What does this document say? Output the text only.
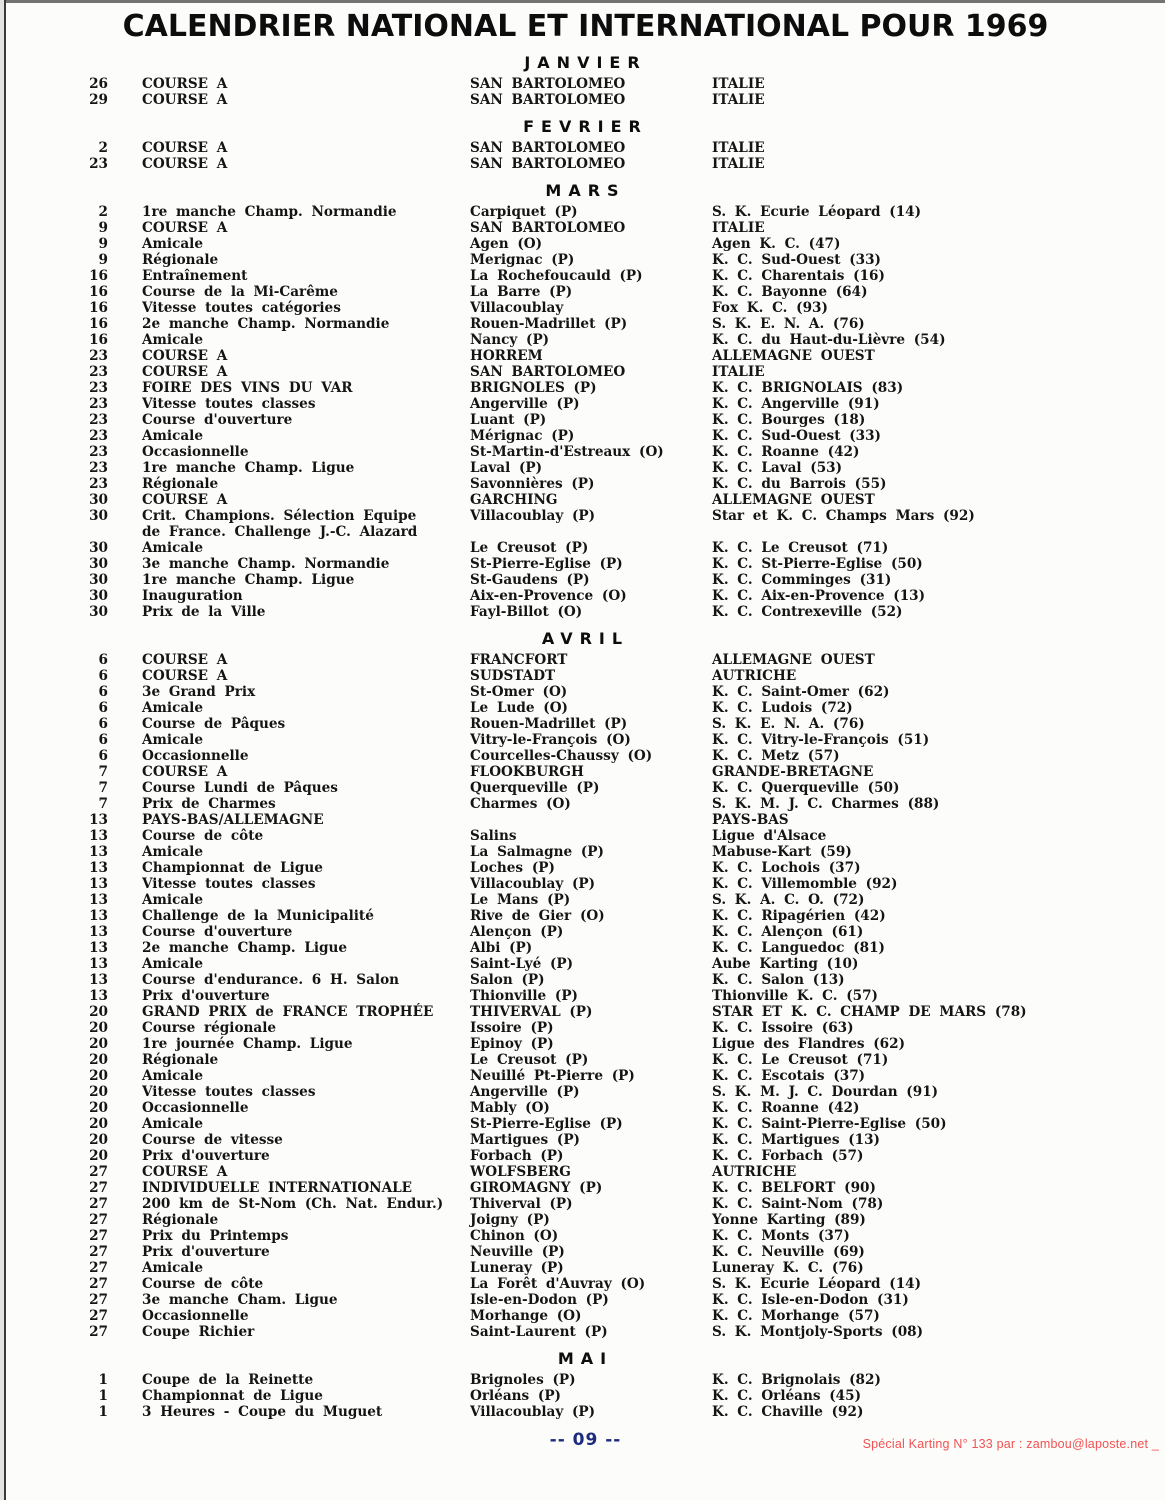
CALENDRIER NATIONAL ET INTERNATIONAL POUR 1969
JANVIER
26	COURSE A	SAN BARTOLOMEO	ITALIE
29	COURSE A	SAN BARTOLOMEO	ITALIE
FEVRIER
2	COURSE A	SAN BARTOLOMEO	ITALIE
23	COURSE A	SAN BARTOLOMEO	ITALIE
MARS
2	1re manche Champ. Normandie	Carpiquet (P)	S. K. Ecurie Léopard (14)
9	COURSE A	SAN BARTOLOMEO	ITALIE
9	Amicale	Agen (O)	Agen K. C. (47)
9	Régionale	Merignac (P)	K. C. Sud-Ouest (33)
16	Entraînement	La Rochefoucauld (P)	K. C. Charentais (16)
16	Course de la Mi-Carême	La Barre (P)	K. C. Bayonne (64)
16	Vitesse toutes catégories	Villacoublay	Fox K. C. (93)
16	2e manche Champ. Normandie	Rouen-Madrillet (P)	S. K. E. N. A. (76)
16	Amicale	Nancy (P)	K. C. du Haut-du-Lièvre (54)
23	COURSE A	HORREM	ALLEMAGNE OUEST
23	COURSE A	SAN BARTOLOMEO	ITALIE
23	FOIRE DES VINS DU VAR	BRIGNOLES (P)	K. C. BRIGNOLAIS (83)
23	Vitesse toutes classes	Angerville (P)	K. C. Angerville (91)
23	Course d'ouverture	Luant (P)	K. C. Bourges (18)
23	Amicale	Mérignac (P)	K. C. Sud-Ouest (33)
23	Occasionnelle	St-Martin-d'Estreaux (O)	K. C. Roanne (42)
23	1re manche Champ. Ligue	Laval (P)	K. C. Laval (53)
23	Régionale	Savonnières (P)	K. C. du Barrois (55)
30	COURSE A	GARCHING	ALLEMAGNE OUEST
30	Crit. Champions. Sélection Equipe
de France. Challenge J.-C. Alazard
Villacoublay (P)	Star et K. C. Champs Mars (92)
30	Amicale	Le Creusot (P)	K. C. Le Creusot (71)
30	3e manche Champ. Normandie	St-Pierre-Eglise (P)	K. C. St-Pierre-Eglise (50)
30	1re manche Champ. Ligue	St-Gaudens (P)	K. C. Comminges (31)
30	Inauguration	Aix-en-Provence (O)	K. C. Aix-en-Provence (13)
30	Prix de la Ville	Fayl-Billot (O)	K. C. Contrexeville (52)
AVRIL
6	COURSE A	FRANCFORT	ALLEMAGNE OUEST
6	COURSE A	SUDSTADT	AUTRICHE
6	3e Grand Prix	St-Omer (O)	K. C. Saint-Omer (62)
6	Amicale	Le Lude (O)	K. C. Ludois (72)
6	Course de Pâques	Rouen-Madrillet (P)	S. K. E. N. A. (76)
6	Amicale	Vitry-le-François (O)	K. C. Vitry-le-François (51)
6	Occasionnelle	Courcelles-Chaussy (O)	K. C. Metz (57)
7	COURSE A	FLOOKBURGH	GRANDE-BRETAGNE
7	Course Lundi de Pâques	Querqueville (P)	K. C. Querqueville (50)
7	Prix de Charmes	Charmes (O)	S. K. M. J. C. Charmes (88)
13	PAYS-BAS/ALLEMAGNE	PAYS-BAS
13	Course de côte	Salins	Ligue d'Alsace
13	Amicale	La Salmagne (P)	Mabuse-Kart (59)
13	Championnat de Ligue	Loches (P)	K. C. Lochois (37)
13	Vitesse toutes classes	Villacoublay (P)	K. C. Villemomble (92)
13	Amicale	Le Mans (P)	S. K. A. C. O. (72)
13	Challenge de la Municipalité	Rive de Gier (O)	K. C. Ripagérien (42)
13	Course d'ouverture	Alençon (P)	K. C. Alençon (61)
13	2e manche Champ. Ligue	Albi (P)	K. C. Languedoc (81)
13	Amicale	Saint-Lyé (P)	Aube Karting (10)
13	Course d'endurance. 6 H. Salon	Salon (P)	K. C. Salon (13)
13	Prix d'ouverture	Thionville (P)	Thionville K. C. (57)
20	GRAND PRIX de FRANCE TROPHÉE	THIVERVAL (P)	STAR ET K. C. CHAMP DE MARS (78)
20	Course régionale	Issoire (P)	K. C. Issoire (63)
20	1re journée Champ. Ligue	Epinoy (P)	Ligue des Flandres (62)
20	Régionale	Le Creusot (P)	K. C. Le Creusot (71)
20	Amicale	Neuillé Pt-Pierre (P)	K. C. Escotais (37)
20	Vitesse toutes classes	Angerville (P)	S. K. M. J. C. Dourdan (91)
20	Occasionnelle	Mably (O)	K. C. Roanne (42)
20	Amicale	St-Pierre-Eglise (P)	K. C. Saint-Pierre-Eglise (50)
20	Course de vitesse	Martigues (P)	K. C. Martigues (13)
20	Prix d'ouverture	Forbach (P)	K. C. Forbach (57)
27	COURSE A	WOLFSBERG	AUTRICHE
27	INDIVIDUELLE INTERNATIONALE	GIROMAGNY (P)	K. C. BELFORT (90)
27	200 km de St-Nom (Ch. Nat. Endur.)	Thiverval (P)	K. C. Saint-Nom (78)
27	Régionale	Joigny (P)	Yonne Karting (89)
27	Prix du Printemps	Chinon (O)	K. C. Monts (37)
27	Prix d'ouverture	Neuville (P)	K. C. Neuville (69)
27	Amicale	Luneray (P)	Luneray K. C. (76)
27	Course de côte	La Forêt d'Auvray (O)	S. K. Ecurie Léopard (14)
27	3e manche Cham. Ligue	Isle-en-Dodon (P)	K. C. Isle-en-Dodon (31)
27	Occasionnelle	Morhange (O)	K. C. Morhange (57)
27	Coupe Richier	Saint-Laurent (P)	S. K. Montjoly-Sports (08)
MAI
1	Coupe de la Reinette	Brignoles (P)	K. C. Brignolais (82)
1	Championnat de Ligue	Orléans (P)	K. C. Orléans (45)
1	3 Heures - Coupe du Muguet	Villacoublay (P)	K. C. Chaville (92)
-- 09 --	Spécial Karting N° 133 par : zambou@laposte.net _
